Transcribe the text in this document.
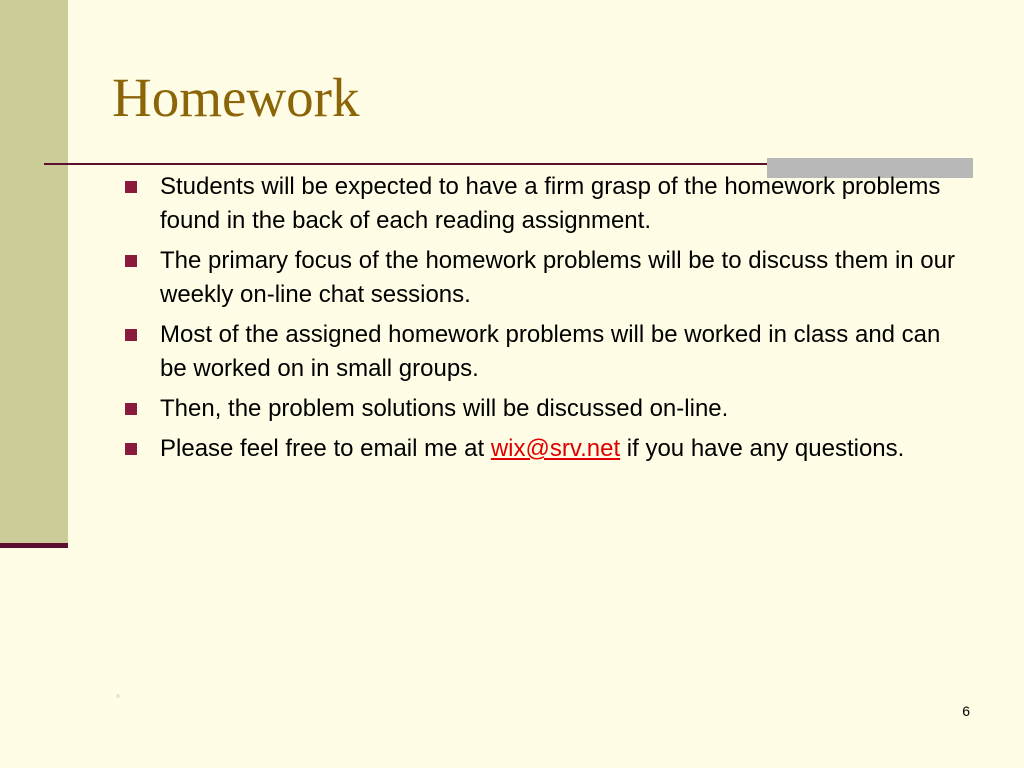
Homework
Students will be expected to have a firm grasp of the homework problems found in the back of each reading assignment.
The primary focus of the homework problems will be to discuss them in our weekly on-line chat sessions.
Most of the assigned homework problems will be worked in class and can be worked on in small groups.
Then, the problem solutions will be discussed on-line.
Please feel free to email me at wix@srv.net if you have any questions.
°
6
